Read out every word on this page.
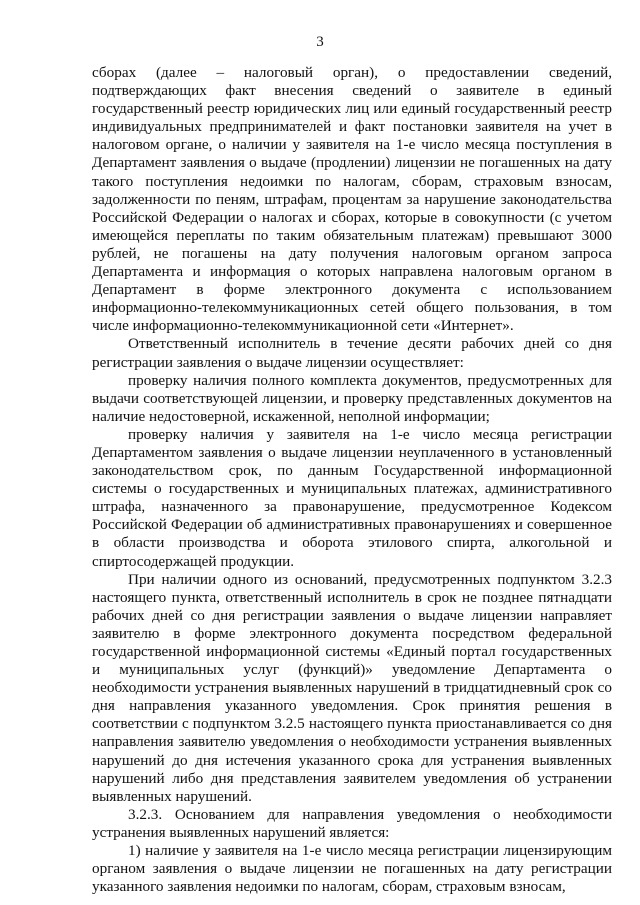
3

сборах (далее – налоговый орган), о предоставлении сведений, подтверждающих факт внесения сведений о заявителе в единый государственный реестр юридических лиц или единый государственный реестр индивидуальных предпринимателей и факт постановки заявителя на учет в налоговом органе, о наличии у заявителя на 1-е число месяца поступления в Департамент заявления о выдаче (продлении) лицензии не погашенных на дату такого поступления недоимки по налогам, сборам, страховым взносам, задолженности по пеням, штрафам, процентам за нарушение законодательства Российской Федерации о налогах и сборах, которые в совокупности (с учетом имеющейся переплаты по таким обязательным платежам) превышают 3000 рублей, не погашены на дату получения налоговым органом запроса Департамента и информация о которых направлена налоговым органом в Департамент в форме электронного документа с использованием информационно-телекоммуникационных сетей общего пользования, в том числе информационно-телекоммуникационной сети «Интернет».

Ответственный исполнитель в течение десяти рабочих дней со дня регистрации заявления о выдаче лицензии осуществляет:

проверку наличия полного комплекта документов, предусмотренных для выдачи соответствующей лицензии, и проверку представленных документов на наличие недостоверной, искаженной, неполной информации;

проверку наличия у заявителя на 1-е число месяца регистрации Департаментом заявления о выдаче лицензии неуплаченного в установленный законодательством срок, по данным Государственной информационной системы о государственных и муниципальных платежах, административного штрафа, назначенного за правонарушение, предусмотренное Кодексом Российской Федерации об административных правонарушениях и совершенное в области производства и оборота этилового спирта, алкогольной и спиртосодержащей продукции.

При наличии одного из оснований, предусмотренных подпунктом 3.2.3 настоящего пункта, ответственный исполнитель в срок не позднее пятнадцати рабочих дней со дня регистрации заявления о выдаче лицензии направляет заявителю в форме электронного документа посредством федеральной государственной информационной системы «Единый портал государственных и муниципальных услуг (функций)» уведомление Департамента о необходимости устранения выявленных нарушений в тридцатидневный срок со дня направления указанного уведомления. Срок принятия решения в соответствии с подпунктом 3.2.5 настоящего пункта приостанавливается со дня направления заявителю уведомления о необходимости устранения выявленных нарушений до дня истечения указанного срока для устранения выявленных нарушений либо дня представления заявителем уведомления об устранении выявленных нарушений.

3.2.3. Основанием для направления уведомления о необходимости устранения выявленных нарушений является:

1) наличие у заявителя на 1-е число месяца регистрации лицензирующим органом заявления о выдаче лицензии не погашенных на дату регистрации указанного заявления недоимки по налогам, сборам, страховым взносам,
